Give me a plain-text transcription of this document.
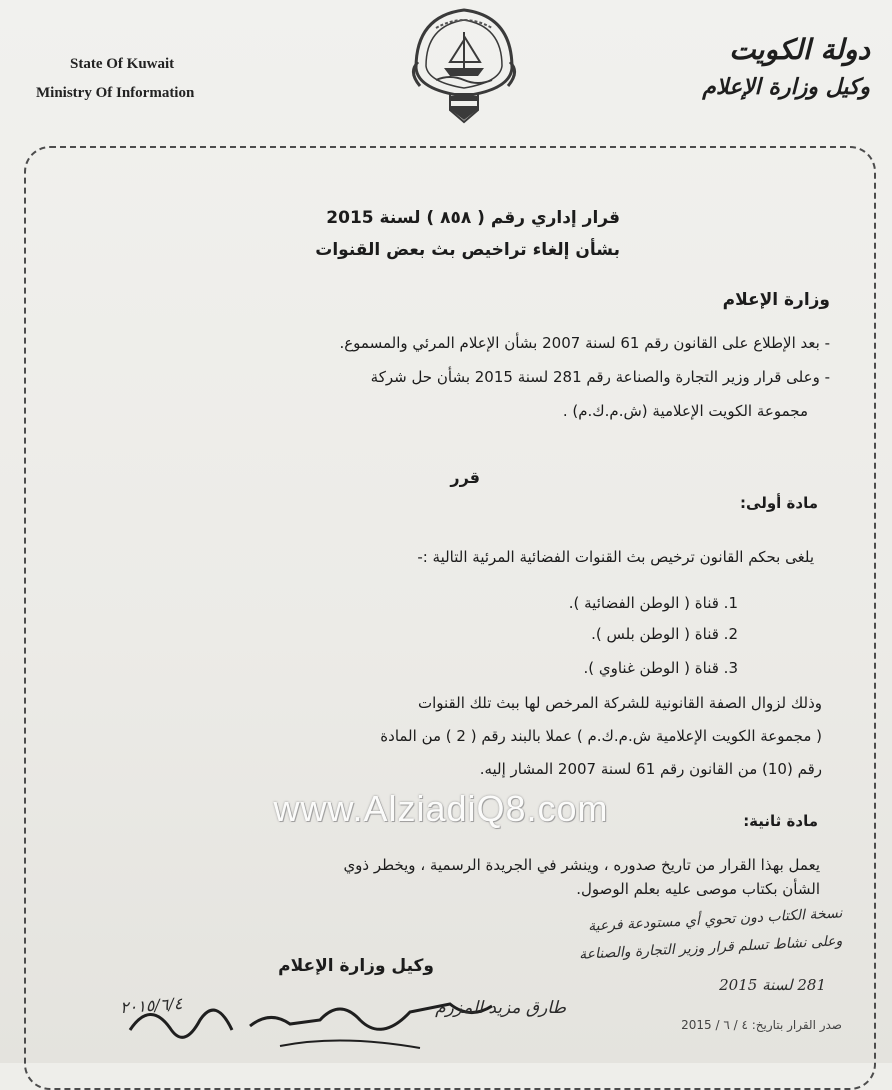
State Of Kuwait
Ministry Of Information
دولة الكويت
وكيل وزارة الإعلام
قرار إداري رقم ( ٨٥٨ ) لسنة 2015
بشأن إلغاء تراخيص بث بعض القنوات
وزارة الإعلام
- بعد الإطلاع على القانون رقم 61 لسنة 2007 بشأن الإعلام المرئي والمسموع.
- وعلى قرار وزير التجارة والصناعة رقم 281 لسنة 2015 بشأن حل شركة
مجموعة الكويت الإعلامية (ش.م.ك.م) .
قرر
مادة أولى:
يلغى بحكم القانون ترخيص بث القنوات الفضائية المرئية التالية :-
1. قناة ( الوطن الفضائية ).
2. قناة ( الوطن بلس ).
3. قناة ( الوطن غناوي ).
وذلك لزوال الصفة القانونية للشركة المرخص لها ببث تلك القنوات
( مجموعة الكويت الإعلامية ش.م.ك.م ) عملا بالبند رقم ( 2 ) من المادة
رقم (10) من القانون رقم 61 لسنة 2007 المشار إليه.
مادة ثانية:
يعمل بهذا القرار من تاريخ صدوره ، وينشر في الجريدة الرسمية ، ويخطر ذوي
الشأن بكتاب موصى عليه بعلم الوصول.
www.AlziadiQ8.com
نسخة الكتاب دون تحوي أي مستودعة فرعية
وعلى نشاط تسلم قرار وزير التجارة والصناعة
281 لسنة 2015
وكيل وزارة الإعلام
٢٠١٥/٦/٤	طارق مزيد المزرم
صدر القرار بتاريخ: ٤ / ٦ / 2015
